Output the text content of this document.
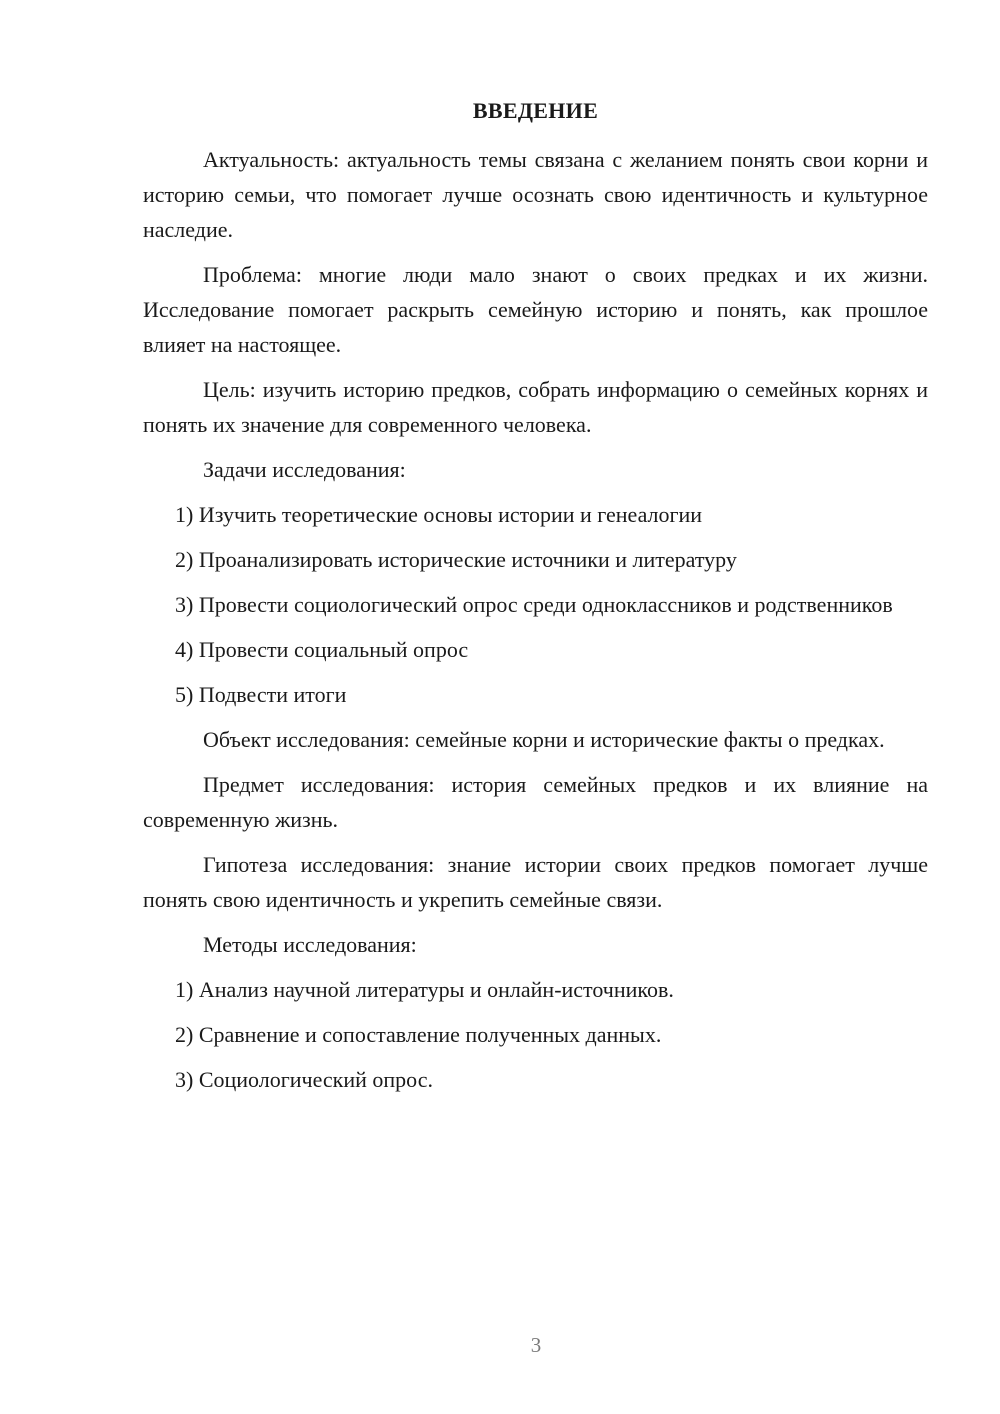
ВВЕДЕНИЕ

Актуальность: актуальность темы связана с желанием понять свои корни и историю семьи, что помогает лучше осознать свою идентичность и культурное наследие.

Проблема: многие люди мало знают о своих предках и их жизни. Исследование помогает раскрыть семейную историю и понять, как прошлое влияет на настоящее.

Цель: изучить историю предков, собрать информацию о семейных корнях и понять их значение для современного человека.

Задачи исследования:

1) Изучить теоретические основы истории и генеалогии

2) Проанализировать исторические источники и литературу

3) Провести социологический опрос среди одноклассников и родственников

4) Провести социальный опрос

5) Подвести итоги

Объект исследования: семейные корни и исторические факты о предках.

Предмет исследования: история семейных предков и их влияние на современную жизнь.

Гипотеза исследования: знание истории своих предков помогает лучше понять свою идентичность и укрепить семейные связи.

Методы исследования:

1) Анализ научной литературы и онлайн-источников.

2) Сравнение и сопоставление полученных данных.

3) Социологический опрос.

3
